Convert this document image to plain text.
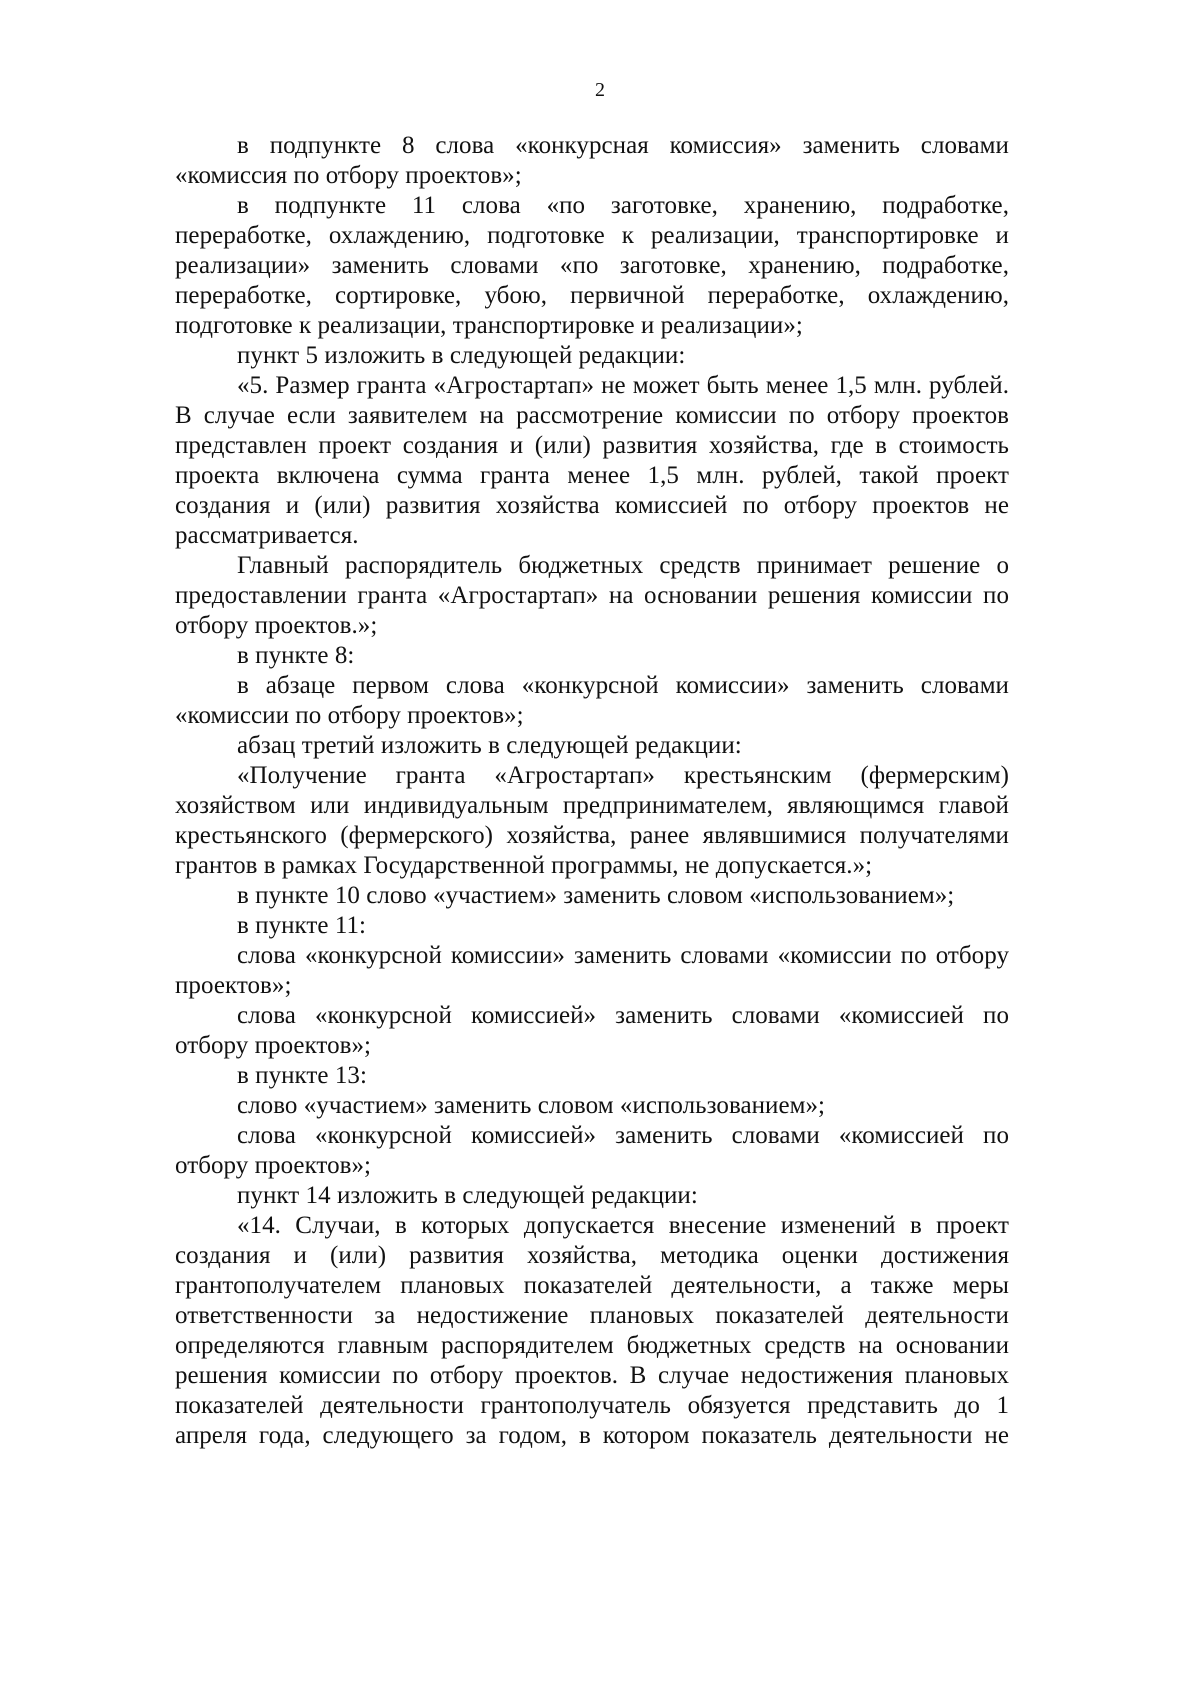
2

в подпункте 8 слова «конкурсная комиссия» заменить словами «комиссия по отбору проектов»;

в подпункте 11 слова «по заготовке, хранению, подработке, переработке, охлаждению, подготовке к реализации, транспортировке и реализации» заменить словами «по заготовке, хранению, подработке, переработке, сортировке, убою, первичной переработке, охлаждению, подготовке к реализации, транспортировке и реализации»;

пункт 5 изложить в следующей редакции:

«5. Размер гранта «Агростартап» не может быть менее 1,5 млн. рублей. В случае если заявителем на рассмотрение комиссии по отбору проектов представлен проект создания и (или) развития хозяйства, где в стоимость проекта включена сумма гранта менее 1,5 млн. рублей, такой проект создания и (или) развития хозяйства комиссией по отбору проектов не рассматривается.

Главный распорядитель бюджетных средств принимает решение о предоставлении гранта «Агростартап» на основании решения комиссии по отбору проектов.»;

в пункте 8:

в абзаце первом слова «конкурсной комиссии» заменить словами «комиссии по отбору проектов»;

абзац третий изложить в следующей редакции:

«Получение гранта «Агростартап» крестьянским (фермерским) хозяйством или индивидуальным предпринимателем, являющимся главой крестьянского (фермерского) хозяйства, ранее являвшимися получателями грантов в рамках Государственной программы, не допускается.»;

в пункте 10 слово «участием» заменить словом «использованием»;

в пункте 11:

слова «конкурсной комиссии» заменить словами «комиссии по отбору проектов»;

слова «конкурсной комиссией» заменить словами «комиссией по отбору проектов»;

в пункте 13:

слово «участием» заменить словом «использованием»;

слова «конкурсной комиссией» заменить словами «комиссией по отбору проектов»;

пункт 14 изложить в следующей редакции:

«14. Случаи, в которых допускается внесение изменений в проект создания и (или) развития хозяйства, методика оценки достижения грантополучателем плановых показателей деятельности, а также меры ответственности за недостижение плановых показателей деятельности определяются главным распорядителем бюджетных средств на основании решения комиссии по отбору проектов. В случае недостижения плановых показателей деятельности грантополучатель обязуется представить до 1 апреля года, следующего за годом, в котором показатель деятельности не
